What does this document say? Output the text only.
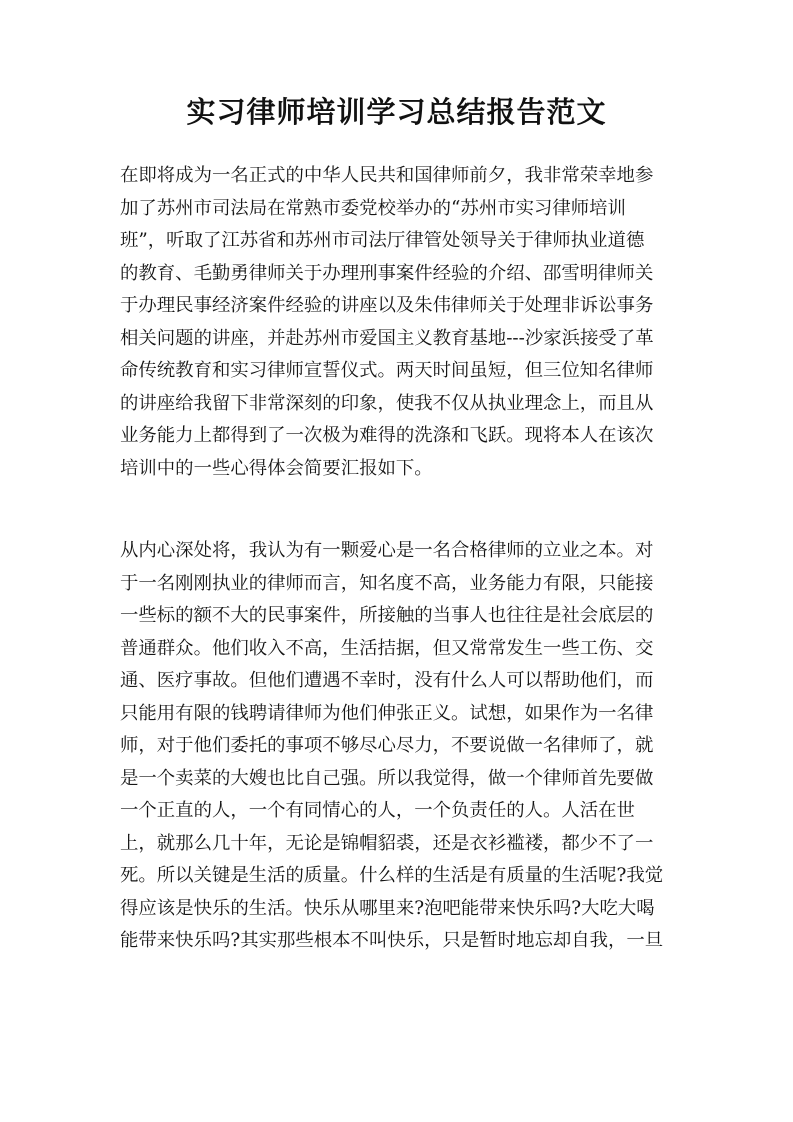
实习律师培训学习总结报告范文
在即将成为一名正式的中华人民共和国律师前夕，我非常荣幸地参
加了苏州市司法局在常熟市委党校举办的“苏州市实习律师培训
班”，听取了江苏省和苏州市司法厅律管处领导关于律师执业道德
的教育、毛勤勇律师关于办理刑事案件经验的介绍、邵雪明律师关
于办理民事经济案件经验的讲座以及朱伟律师关于处理非诉讼事务
相关问题的讲座，并赴苏州市爱国主义教育基地---沙家浜接受了革
命传统教育和实习律师宣誓仪式。两天时间虽短，但三位知名律师
的讲座给我留下非常深刻的印象，使我不仅从执业理念上，而且从
业务能力上都得到了一次极为难得的洗涤和飞跃。现将本人在该次
培训中的一些心得体会简要汇报如下。
从内心深处将，我认为有一颗爱心是一名合格律师的立业之本。对
于一名刚刚执业的律师而言，知名度不高，业务能力有限，只能接
一些标的额不大的民事案件，所接触的当事人也往往是社会底层的
普通群众。他们收入不高，生活拮据，但又常常发生一些工伤、交
通、医疗事故。但他们遭遇不幸时，没有什么人可以帮助他们，而
只能用有限的钱聘请律师为他们伸张正义。试想，如果作为一名律
师，对于他们委托的事项不够尽心尽力，不要说做一名律师了，就
是一个卖菜的大嫂也比自己强。所以我觉得，做一个律师首先要做
一个正直的人，一个有同情心的人，一个负责任的人。人活在世
上，就那么几十年，无论是锦帽貂裘，还是衣衫褴褛，都少不了一
死。所以关键是生活的质量。什么样的生活是有质量的生活呢?我觉
得应该是快乐的生活。快乐从哪里来?泡吧能带来快乐吗?大吃大喝
能带来快乐吗?其实那些根本不叫快乐，只是暂时地忘却自我，一旦
